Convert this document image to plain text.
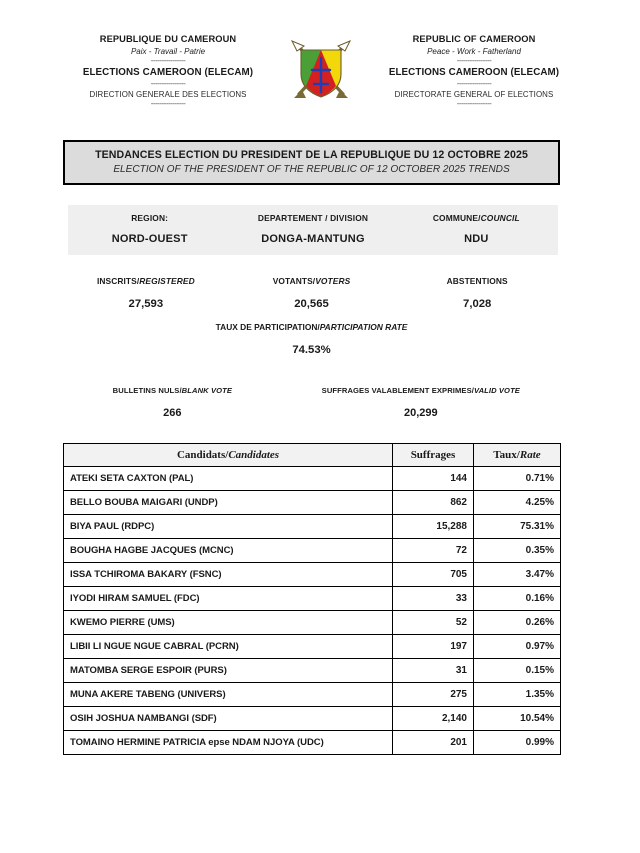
REPUBLIQUE DU CAMEROUN
Paix - Travail - Patrie
----------------
ELECTIONS CAMEROON (ELECAM)
----------------
DIRECTION GENERALE DES ELECTIONS
----------------
REPUBLIC OF CAMEROON
Peace - Work - Fatherland
----------------
ELECTIONS CAMEROON (ELECAM)
----------------
DIRECTORATE GENERAL OF ELECTIONS
----------------
TENDANCES ELECTION DU PRESIDENT DE LA REPUBLIQUE DU 12 OCTOBRE 2025
ELECTION OF THE PRESIDENT OF THE REPUBLIC OF 12 OCTOBER 2025 TRENDS
REGION:
NORD-OUEST
DEPARTEMENT / DIVISION
DONGA-MANTUNG
COMMUNE/COUNCIL
NDU
INSCRITS/REGISTERED
27,593
VOTANTS/VOTERS
20,565
ABSTENTIONS
7,028
TAUX DE PARTICIPATION/PARTICIPATION RATE
74.53%
BULLETINS NULS/BLANK VOTE
266
SUFFRAGES VALABLEMENT EXPRIMES/VALID VOTE
20,299
Candidats/Candidates	Suffrages	Taux/Rate
ATEKI SETA CAXTON (PAL)	144	0.71%
BELLO BOUBA MAIGARI (UNDP)	862	4.25%
BIYA PAUL (RDPC)	15,288	75.31%
BOUGHA HAGBE JACQUES (MCNC)	72	0.35%
ISSA TCHIROMA BAKARY (FSNC)	705	3.47%
IYODI HIRAM SAMUEL (FDC)	33	0.16%
KWEMO PIERRE (UMS)	52	0.26%
LIBII LI NGUE NGUE CABRAL (PCRN)	197	0.97%
MATOMBA SERGE ESPOIR (PURS)	31	0.15%
MUNA AKERE TABENG (UNIVERS)	275	1.35%
OSIH JOSHUA NAMBANGI (SDF)	2,140	10.54%
TOMAINO HERMINE PATRICIA epse NDAM NJOYA (UDC)	201	0.99%
